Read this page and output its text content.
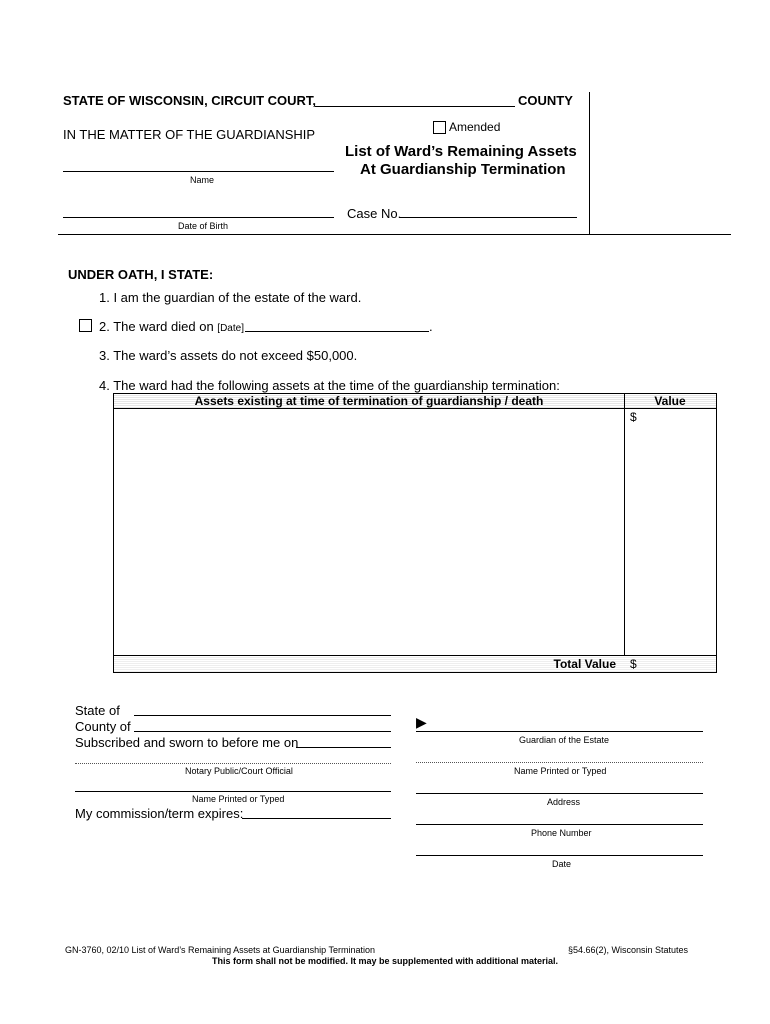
STATE OF WISCONSIN, CIRCUIT COURT,	COUNTY
IN THE MATTER OF THE GUARDIANSHIP
Name
Date of Birth
Amended
List of Ward’s Remaining Assets
At Guardianship Termination
Case No.
UNDER OATH, I STATE:
1. I am the guardian of the estate of the ward.
2. The ward died on [Date]	.
3. The ward’s assets do not exceed $50,000.
4. The ward had the following assets at the time of the guardianship termination:
Assets existing at time of termination of guardianship / death	Value
$
Total Value $
State of
County of
Subscribed and sworn to before me on
Notary Public/Court Official
Name Printed or Typed
My commission/term expires:
▶
Guardian of the Estate
Name Printed or Typed
Address
Phone Number
Date
GN-3760, 02/10 List of Ward’s Remaining Assets at Guardianship Termination	§54.66(2), Wisconsin Statutes
This form shall not be modified. It may be supplemented with additional material.
